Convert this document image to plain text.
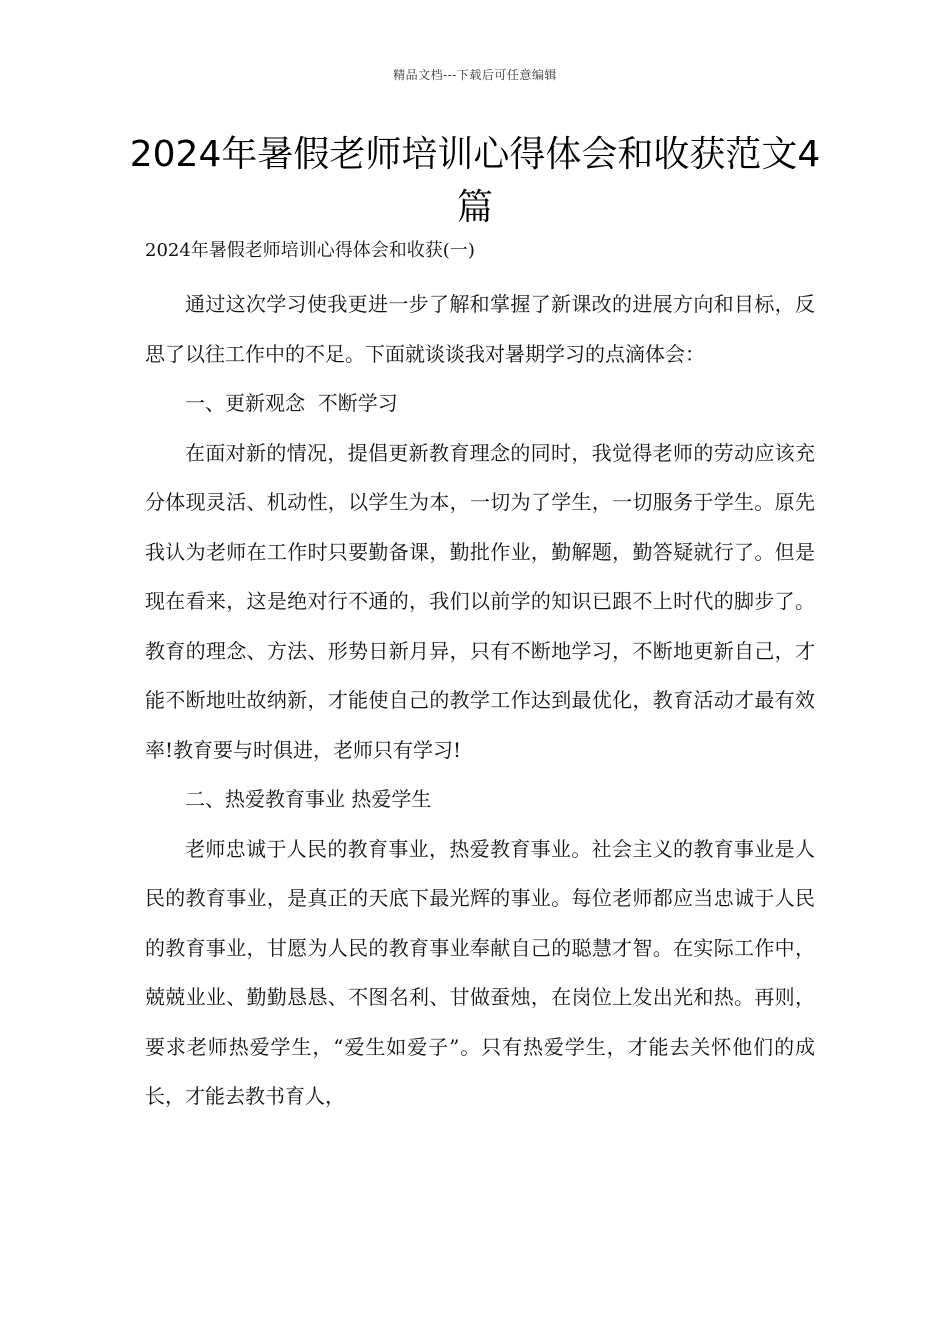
精品文档---下载后可任意编辑
2024年暑假老师培训心得体会和收获范文4篇
2024年暑假老师培训心得体会和收获(一)

通过这次学习使我更进一步了解和掌握了新课改的进展方向和目标，反思了以往工作中的不足。下面就谈谈我对暑期学习的点滴体会：

一、更新观念  不断学习

在面对新的情况，提倡更新教育理念的同时，我觉得老师的劳动应该充分体现灵活、机动性，以学生为本，一切为了学生，一切服务于学生。原先我认为老师在工作时只要勤备课，勤批作业，勤解题，勤答疑就行了。但是现在看来，这是绝对行不通的，我们以前学的知识已跟不上时代的脚步了。教育的理念、方法、形势日新月异，只有不断地学习，不断地更新自己，才能不断地吐故纳新，才能使自己的教学工作达到最优化，教育活动才最有效率!教育要与时俱进，老师只有学习!

二、热爱教育事业 热爱学生

老师忠诚于人民的教育事业，热爱教育事业。社会主义的教育事业是人民的教育事业，是真正的天底下最光辉的事业。每位老师都应当忠诚于人民的教育事业，甘愿为人民的教育事业奉献自己的聪慧才智。在实际工作中，兢兢业业、勤勤恳恳、不图名利、甘做蚕烛，在岗位上发出光和热。再则，要求老师热爱学生，“爱生如爱子”。只有热爱学生，才能去关怀他们的成长，才能去教书育人，
